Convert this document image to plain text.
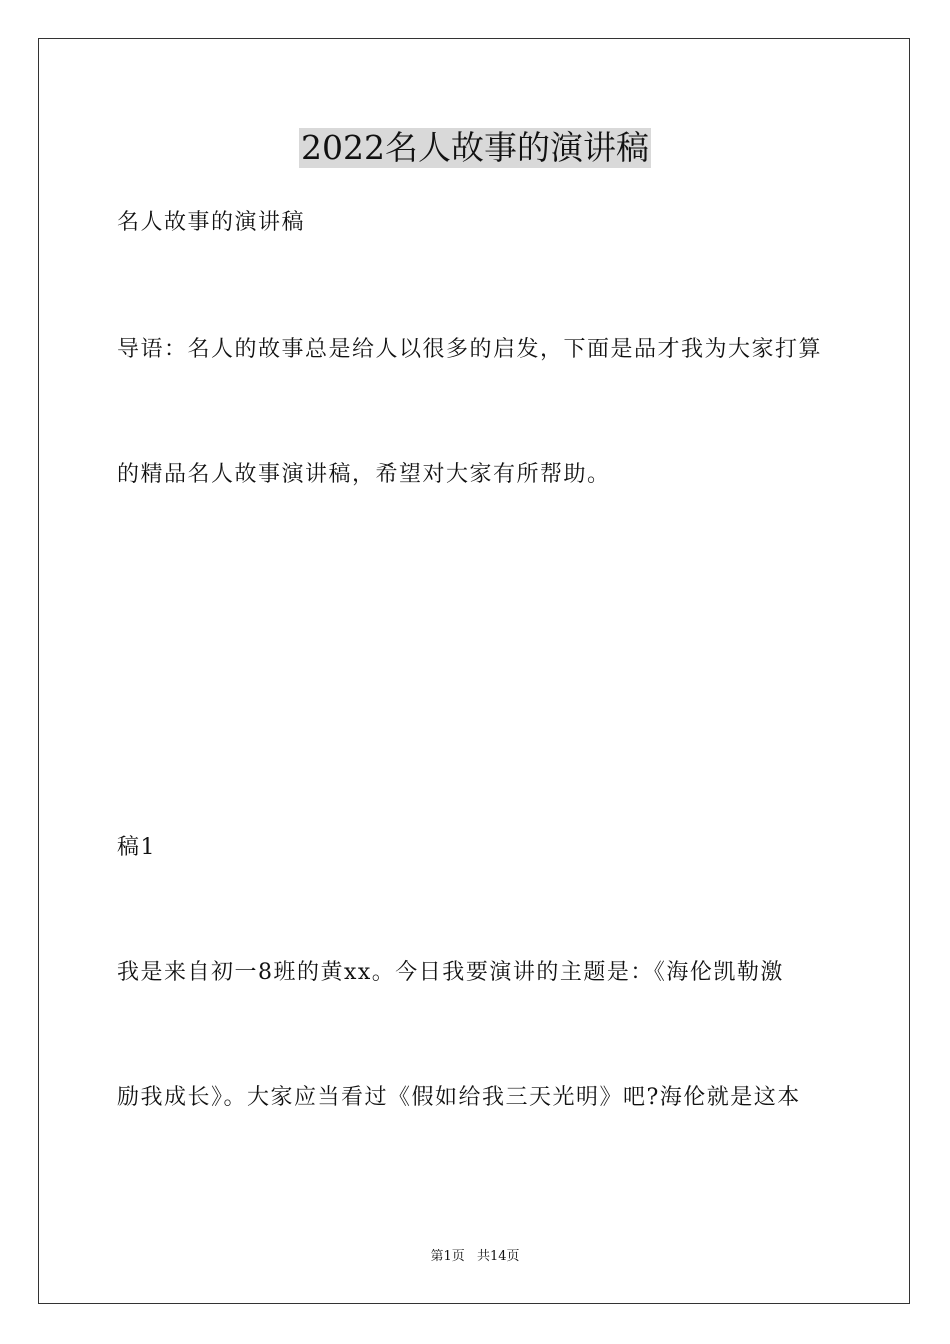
2022名人故事的演讲稿
名人故事的演讲稿
导语：名人的故事总是给人以很多的启发，下面是品才我为大家打算
的精品名人故事演讲稿，希望对大家有所帮助。
稿1
我是来自初一8班的黄xx。今日我要演讲的主题是：《海伦凯勒激
励我成长》。大家应当看过《假如给我三天光明》吧?海伦就是这本
第1页 共14页
